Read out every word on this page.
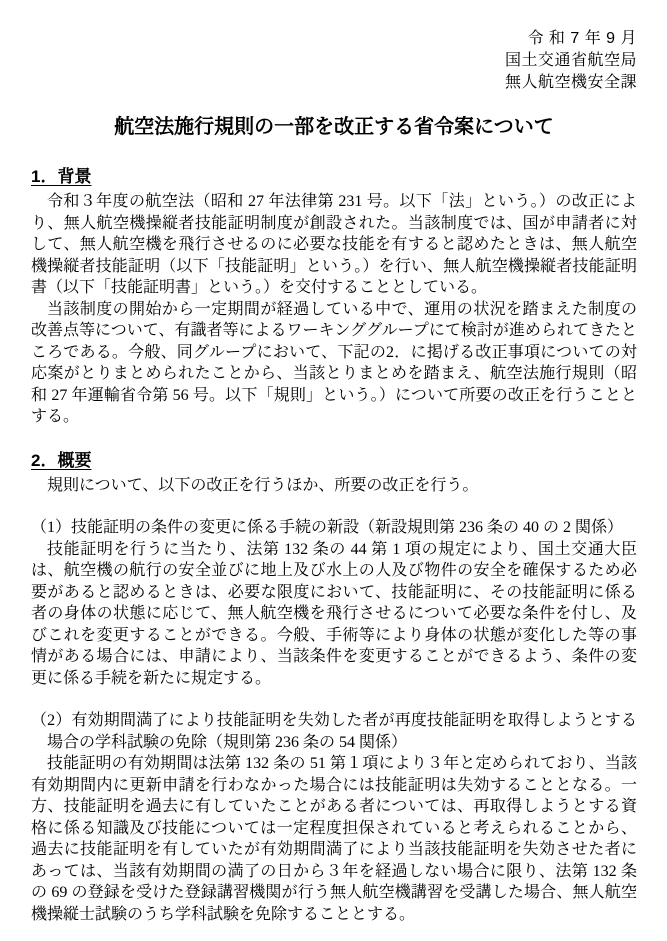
令 和 7 年 9 月
国土交通省航空局
無人航空機安全課
航空法施行規則の一部を改正する省令案について
1．背景

令和３年度の航空法（昭和 27 年法律第 231 号。以下「法」という。）の改正により、無人航空機操縦者技能証明制度が創設された。当該制度では、国が申請者に対して、無人航空機を飛行させるのに必要な技能を有すると認めたときは、無人航空機操縦者技能証明（以下「技能証明」という。）を行い、無人航空機操縦者技能証明書（以下「技能証明書」という。）を交付することとしている。

当該制度の開始から一定期間が経過している中で、運用の状況を踏まえた制度の改善点等について、有識者等によるワーキンググループにて検討が進められてきたところである。今般、同グループにおいて、下記の2．に掲げる改正事項についての対応案がとりまとめられたことから、当該とりまとめを踏まえ、航空法施行規則（昭和 27 年運輸省令第 56 号。以下「規則」という。）について所要の改正を行うこととする。

2．概要

規則について、以下の改正を行うほか、所要の改正を行う。

（1）技能証明の条件の変更に係る手続の新設（新設規則第 236 条の 40 の 2 関係）

技能証明を行うに当たり、法第 132 条の 44 第 1 項の規定により、国土交通大臣は、航空機の航行の安全並びに地上及び水上の人及び物件の安全を確保するため必要があると認めるときは、必要な限度において、技能証明に、その技能証明に係る者の身体の状態に応じて、無人航空機を飛行させるについて必要な条件を付し、及びこれを変更することができる。今般、手術等により身体の状態が変化した等の事情がある場合には、申請により、当該条件を変更することができるよう、条件の変更に係る手続を新たに規定する。

（2）有効期間満了により技能証明を失効した者が再度技能証明を取得しようとする場合の学科試験の免除（規則第 236 条の 54 関係）

技能証明の有効期間は法第 132 条の 51 第１項により３年と定められており、当該有効期間内に更新申請を行わなかった場合には技能証明は失効することとなる。一方、技能証明を過去に有していたことがある者については、再取得しようとする資格に係る知識及び技能については一定程度担保されていると考えられることから、過去に技能証明を有していたが有効期間満了により当該技能証明を失効させた者にあっては、当該有効期間の満了の日から３年を経過しない場合に限り、法第 132 条の 69 の登録を受けた登録講習機関が行う無人航空機講習を受講した場合、無人航空機操縦士試験のうち学科試験を免除することとする。
